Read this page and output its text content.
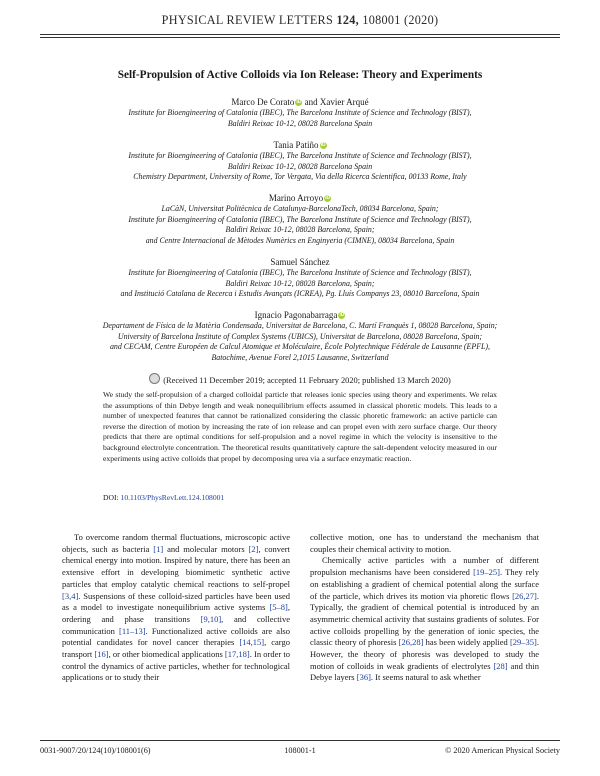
PHYSICAL REVIEW LETTERS 124, 108001 (2020)
Self-Propulsion of Active Colloids via Ion Release: Theory and Experiments
Marco De Corato iD and Xavier Arqué
Institute for Bioengineering of Catalonia (IBEC), The Barcelona Institute of Science and Technology (BIST),
Baldiri Reixac 10-12, 08028 Barcelona Spain
Tania Patiño iD
Institute for Bioengineering of Catalonia (IBEC), The Barcelona Institute of Science and Technology (BIST),
Baldiri Reixac 10-12, 08028 Barcelona Spain
Chemistry Department, University of Rome, Tor Vergata, Via della Ricerca Scientifica, 00133 Rome, Italy
Marino Arroyo iD
LaCàN, Universitat Politècnica de Catalunya-BarcelonaTech, 08034 Barcelona, Spain;
Institute for Bioengineering of Catalonia (IBEC), The Barcelona Institute of Science and Technology (BIST),
Baldiri Reixac 10-12, 08028 Barcelona, Spain;
and Centre Internacional de Mètodes Numèrics en Enginyeria (CIMNE), 08034 Barcelona, Spain
Samuel Sánchez
Institute for Bioengineering of Catalonia (IBEC), The Barcelona Institute of Science and Technology (BIST),
Baldiri Reixac 10-12, 08028 Barcelona, Spain;
and Institució Catalana de Recerca i Estudis Avançats (ICREA), Pg. Lluís Companys 23, 08010 Barcelona, Spain
Ignacio Pagonabarraga iD
Departament de Física de la Matèria Condensada, Universitat de Barcelona, C. Martí Franquès 1, 08028 Barcelona, Spain;
University of Barcelona Institute of Complex Systems (UBICS), Universitat de Barcelona, 08028 Barcelona, Spain;
and CECAM, Centre Européen de Calcul Atomique et Moléculaire, École Polytechnique Fédérale de Lausanne (EPFL),
Batochime, Avenue Forel 2,1015 Lausanne, Switzerland
(Received 11 December 2019; accepted 11 February 2020; published 13 March 2020)
We study the self-propulsion of a charged colloidal particle that releases ionic species using theory and experiments. We relax the assumptions of thin Debye length and weak nonequilibrium effects assumed in classical phoretic models. This leads to a number of unexpected features that cannot be rationalized considering the classic phoretic framework: an active particle can reverse the direction of motion by increasing the rate of ion release and can propel even with zero surface charge. Our theory predicts that there are optimal conditions for self-propulsion and a novel regime in which the velocity is insensitive to the background electrolyte concentration. The theoretical results quantitatively capture the salt-dependent velocity measured in our experiments using active colloids that propel by decomposing urea via a surface enzymatic reaction.
DOI: 10.1103/PhysRevLett.124.108001

To overcome random thermal fluctuations, microscopic active objects, such as bacteria [1] and molecular motors [2], convert chemical energy into motion. Inspired by nature, there has been an extensive effort in developing biomimetic synthetic active particles that employ catalytic chemical reactions to self-propel [3,4]. Suspensions of these colloid-sized particles have been used as a model to investigate nonequilibrium active systems [5–8], ordering and phase transitions [9,10], and collective communication [11–13]. Functionalized active colloids are also potential candidates for novel cancer therapies [14,15], cargo transport [16], or other biomedical applications [17,18]. In order to control the dynamics of active particles, whether for technological applications or to study their

collective motion, one has to understand the mechanism that couples their chemical activity to motion.

Chemically active particles with a number of different propulsion mechanisms have been considered [19–25]. They rely on establishing a gradient of chemical potential along the surface of the particle, which drives its motion via phoretic flows [26,27]. Typically, the gradient of chemical potential is introduced by an asymmetric chemical activity that sustains gradients of solutes. For active colloids propelling by the generation of ionic species, the classic theory of phoresis [26,28] has been widely applied [29–35]. However, the theory of phoresis was developed to study the motion of colloids in weak gradients of electrolytes [28] and thin Debye layers [36]. It seems natural to ask whether

0031-9007/20/124(10)/108001(6)	108001-1	© 2020 American Physical Society
